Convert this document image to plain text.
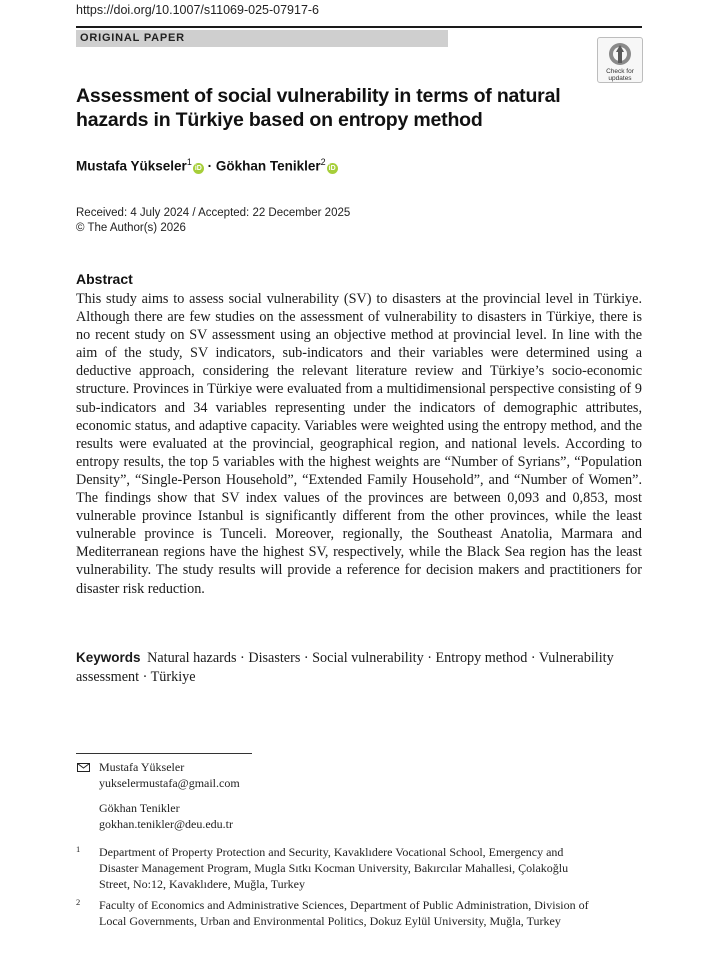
https://doi.org/10.1007/s11069-025-07917-6
ORIGINAL PAPER
Check for
updates
Assessment of social vulnerability in terms of natural hazards in Türkiye based on entropy method
Mustafa Yükseler$^1$iD · Gökhan Tenikler$^2$iD
Received: 4 July 2024 / Accepted: 22 December 2025
© The Author(s) 2026
Abstract

This study aims to assess social vulnerability (SV) to disasters at the provincial level in Türkiye. Although there are few studies on the assessment of vulnerability to disasters in Türkiye, there is no recent study on SV assessment using an objective method at provincial level. In line with the aim of the study, SV indicators, sub-indicators and their variables were determined using a deductive approach, considering the relevant literature review and Türkiye’s socio-economic structure. Provinces in Türkiye were evaluated from a multidimensional perspective consisting of 9 sub-indicators and 34 variables representing under the indicators of demographic attributes, economic status, and adaptive capacity. Variables were weighted using the entropy method, and the results were evaluated at the provincial, geographical region, and national levels. According to entropy results, the top 5 variables with the highest weights are “Number of Syrians”, “Population Density”, “Single-Person Household”, “Extended Family Household”, and “Number of Women”. The findings show that SV index values of the provinces are between 0,093 and 0,853, most vulnerable province Istanbul is significantly different from the other provinces, while the least vulnerable province is Tunceli. Moreover, regionally, the Southeast Anatolia, Marmara and Mediterranean regions have the highest SV, respectively, while the Black Sea region has the least vulnerability. The study results will provide a reference for decision makers and practitioners for disaster risk reduction.

Keywords Natural hazards · Disasters · Social vulnerability · Entropy method · Vulnerability assessment · Türkiye
Mustafa Yükseler
yukselermustafa@gmail.com
Gökhan Tenikler
gokhan.tenikler@deu.edu.tr
1	Department of Property Protection and Security, Kavaklıdere Vocational School, Emergency and Disaster Management Program, Mugla Sıtkı Kocman University, Bakırcılar Mahallesi, Çolakoğlu Street, No:12, Kavaklıdere, Muğla, Turkey
2	Faculty of Economics and Administrative Sciences, Department of Public Administration, Division of Local Governments, Urban and Environmental Politics, Dokuz Eylül University, Muğla, Turkey
